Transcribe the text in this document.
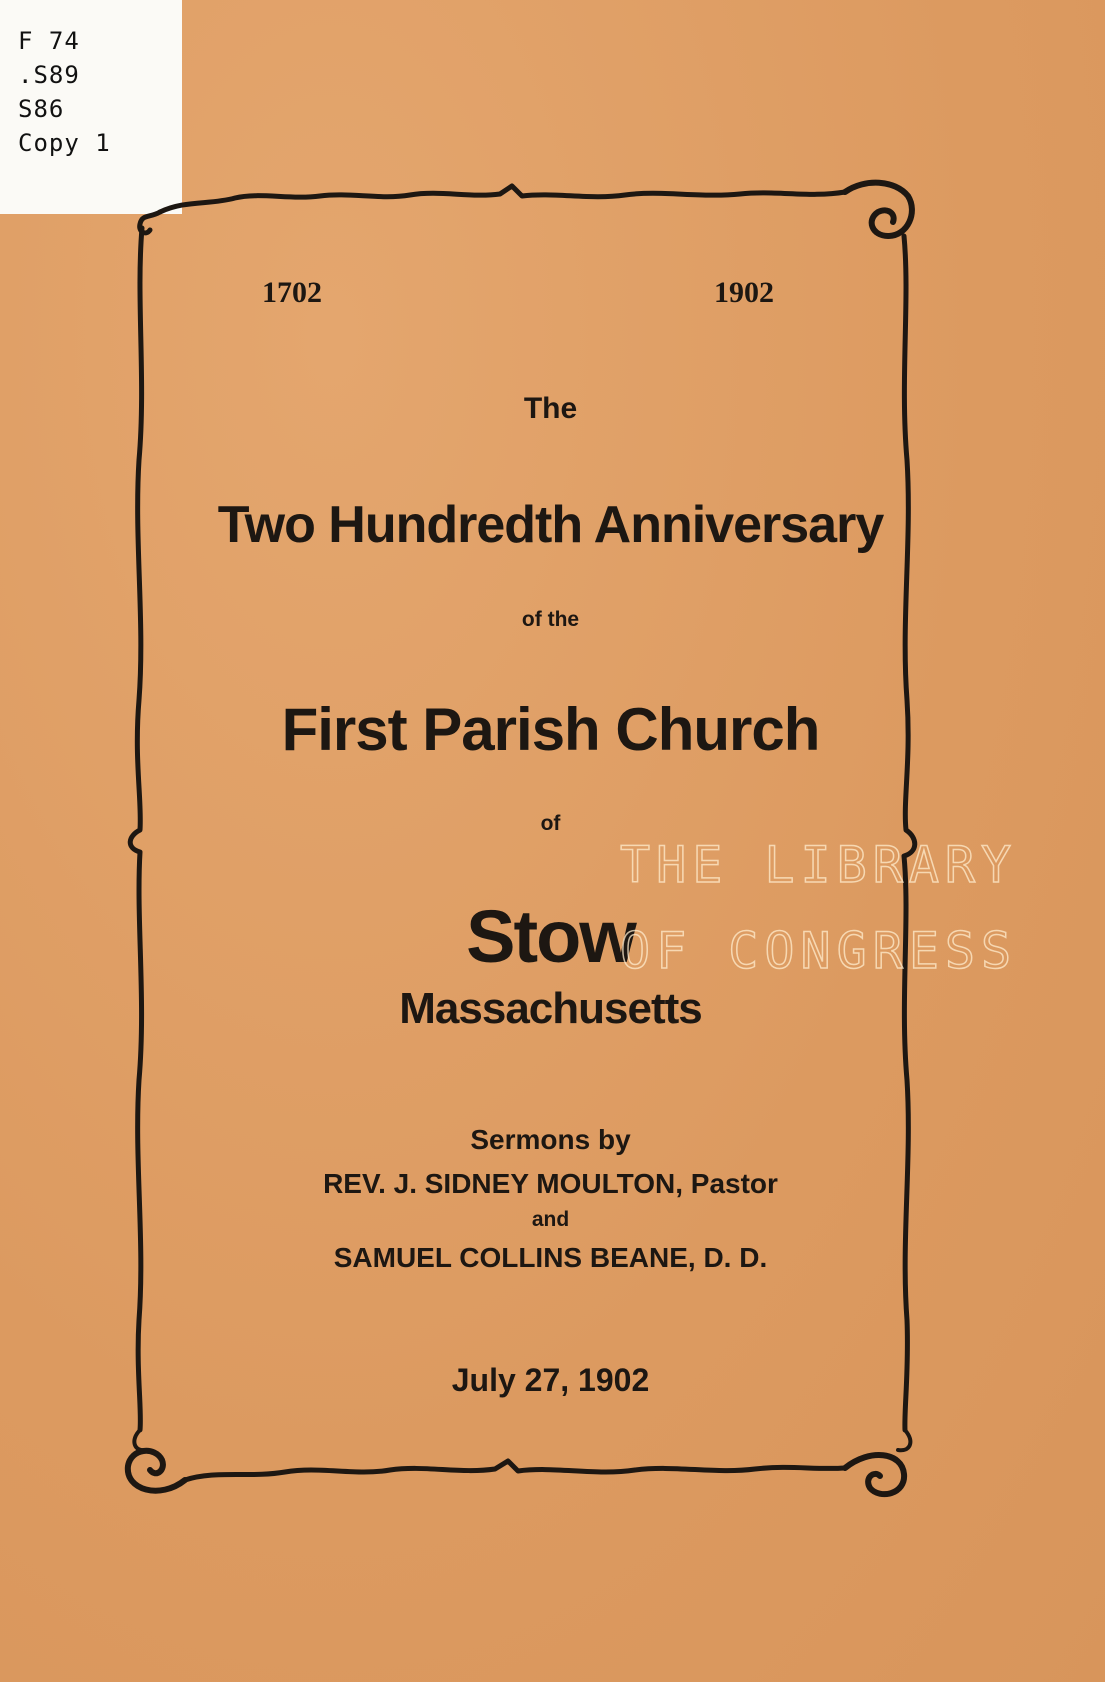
F 74
.S89
S86
Copy 1
1702	1902
The
Two Hundredth Anniversary
of the
First Parish Church
of
Stow
Massachusetts
Sermons by
REV. J. SIDNEY MOULTON, Pastor
and
SAMUEL COLLINS BEANE, D. D.
July 27, 1902
THE LIBRARY
OF CONGRESS
